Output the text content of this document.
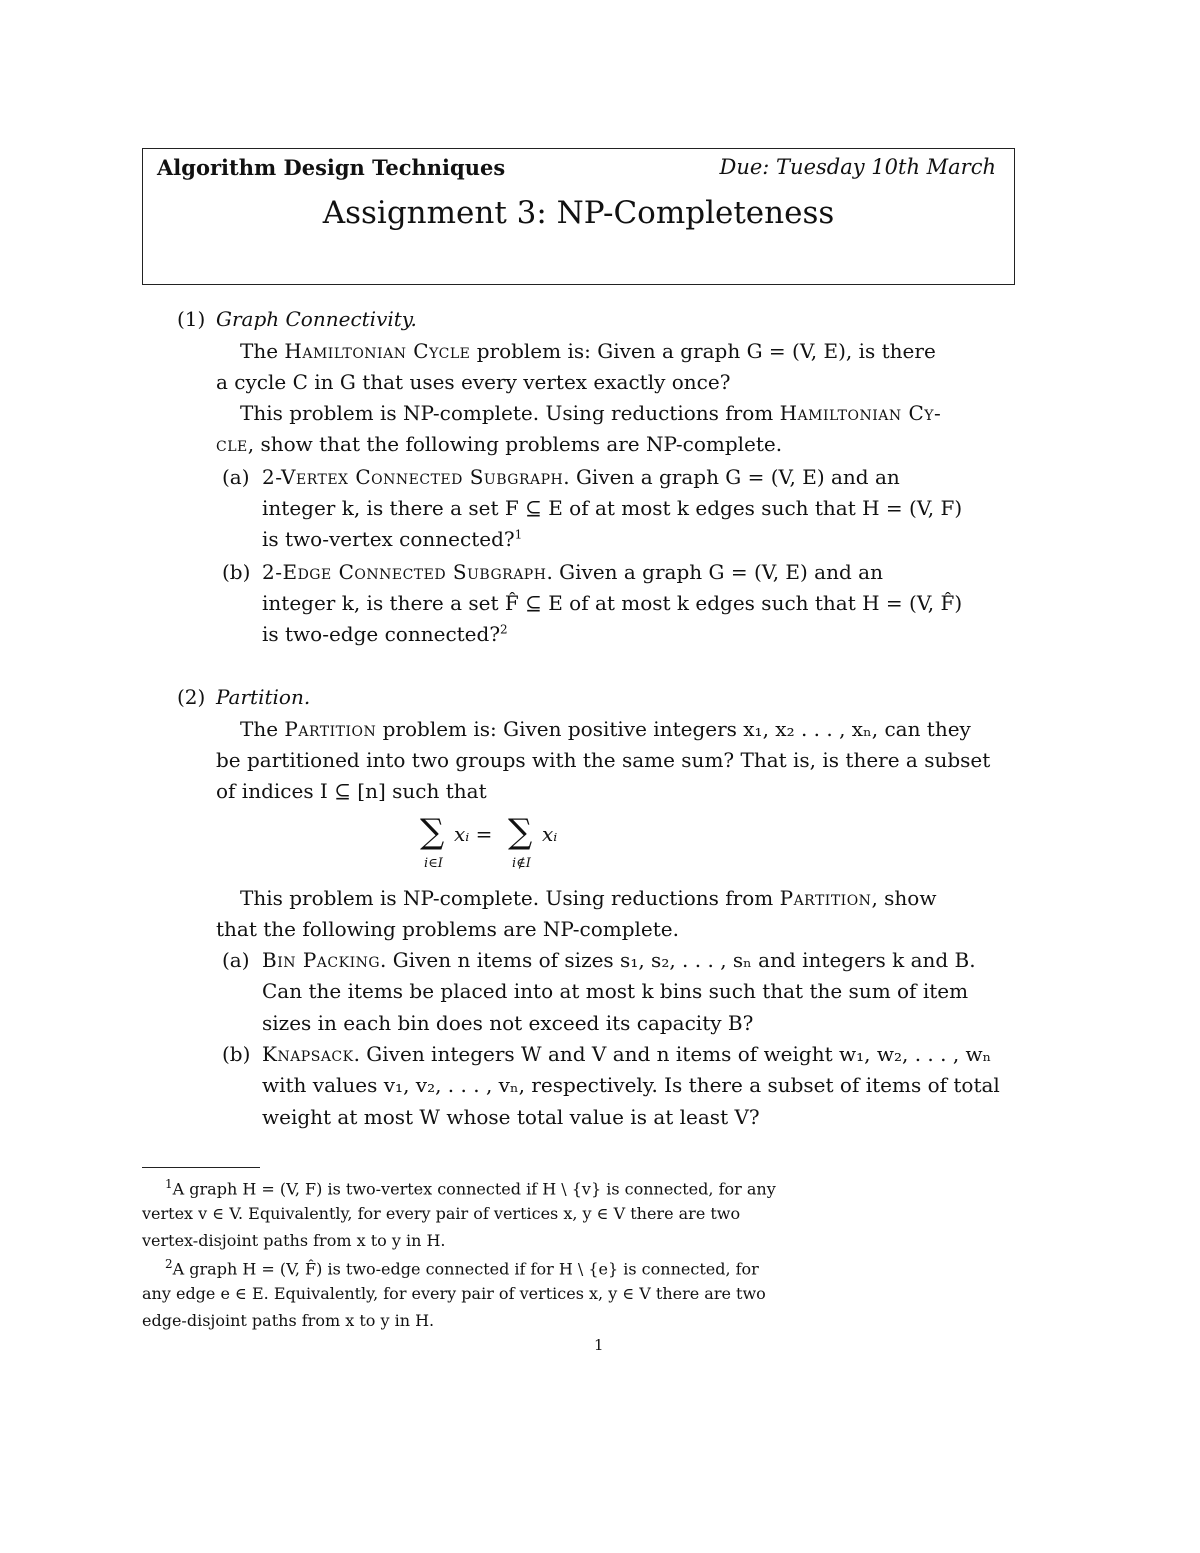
Algorithm Design Techniques	Due: Tuesday 10th March
Assignment 3: NP-Completeness
(1) Graph Connectivity.
The Hamiltonian Cycle problem is: Given a graph G = (V, E), is there
a cycle C in G that uses every vertex exactly once?
This problem is NP-complete. Using reductions from Hamiltonian Cy-
cle, show that the following problems are NP-complete.
(a) 2-Vertex Connected Subgraph. Given a graph G = (V, E) and an
integer k, is there a set F ⊆ E of at most k edges such that H = (V, F)
is two-vertex connected?$^1$
(b) 2-Edge Connected Subgraph. Given a graph G = (V, E) and an
integer k, is there a set F̂ ⊆ E of at most k edges such that H = (V, F̂)
is two-edge connected?$^2$
(2) Partition.
The Partition problem is: Given positive integers x₁, x₂ . . . , xₙ, can they
be partitioned into two groups with the same sum? That is, is there a subset
of indices I ⊆ [n] such that
∑ xᵢ = ∑ xᵢ
i∈I	i∉I
This problem is NP-complete. Using reductions from Partition, show
that the following problems are NP-complete.
(a) Bin Packing. Given n items of sizes s₁, s₂, . . . , sₙ and integers k and B.
Can the items be placed into at most k bins such that the sum of item
sizes in each bin does not exceed its capacity B?
(b) Knapsack. Given integers W and V and n items of weight w₁, w₂, . . . , wₙ
with values v₁, v₂, . . . , vₙ, respectively. Is there a subset of items of total
weight at most W whose total value is at least V?
$^1$A graph H = (V, F) is two-vertex connected if H \ {v} is connected, for any
vertex v ∈ V. Equivalently, for every pair of vertices x, y ∈ V there are two
vertex-disjoint paths from x to y in H.
$^2$A graph H = (V, F̂) is two-edge connected if for H \ {e} is connected, for
any edge e ∈ E. Equivalently, for every pair of vertices x, y ∈ V there are two
edge-disjoint paths from x to y in H.
1
